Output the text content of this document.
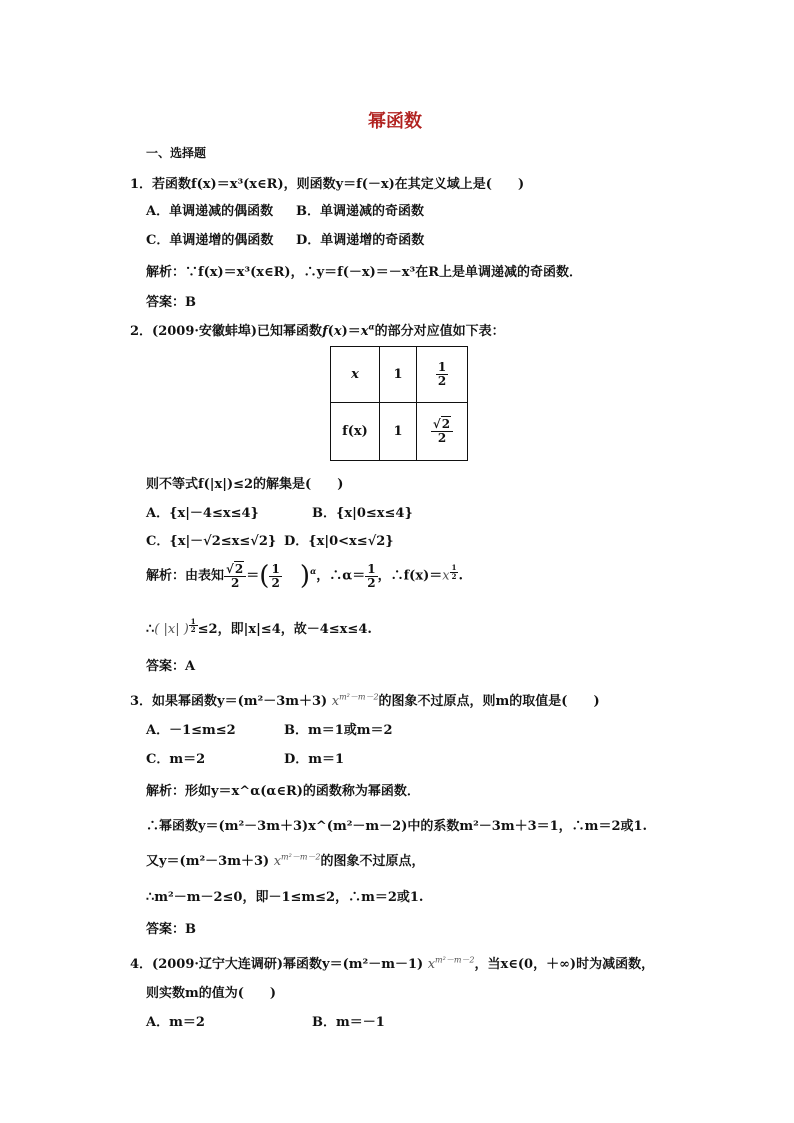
幂函数
一、选择题
1．若函数f(x)＝x³(x∈R)，则函数y＝f(－x)在其定义域上是(　　)
A．单调递减的偶函数 B．单调递减的奇函数
C．单调递增的偶函数 D．单调递增的奇函数
解析：∵f(x)＝x³(x∈R)，∴y＝f(－x)＝－x³在R上是单调递减的奇函数．
答案：B
2．(2009·安徽蚌埠)已知幂函数$f(x)=x^\alpha$的部分对应值如下表：
x	1	$\frac{1}{2}$

f(x)	1	$\frac{√2}{2}$
则不等式f(|x|)≤2的解集是(　　)
A．{x|－4≤x≤4}	B．{x|0≤x≤4}
C．{x|－√2≤x≤√2} D．{x|0<x≤√2}
解析：由表知 $\frac{√2}{2}$ ＝( $\frac{1}{2} )^\alpha$，∴α＝ $\frac{1}{2}$ ，∴f(x)＝x $^{\frac{1}{2}}$ .
∴( |x| ) $^{\frac{1}{2}}$ ≤2，即|x|≤4，故－4≤x≤4.
答案：A
3．如果幂函数y＝(m²－3m＋3) $x^{m^2-m-2}$的图象不过原点，则m的取值是(　　)
A．－1≤m≤2	B．m＝1或m＝2
C．m＝2	D．m＝1
解析：形如y＝x^α(α∈R)的函数称为幂函数．
∴幂函数y＝(m²－3m＋3)x^(m²－m－2)中的系数m²－3m＋3＝1，∴m＝2或1.
又y＝(m²－3m＋3) $x^{m^2-m-2}$的图象不过原点，
∴m²－m－2≤0，即－1≤m≤2，∴m＝2或1.
答案：B
4．(2009·辽宁大连调研)幂函数y＝(m²－m－1) $x^{m^2-m-2}$，当x∈(0，＋∞)时为减函数，
则实数m的值为(　　)
A．m＝2	B．m＝－1
